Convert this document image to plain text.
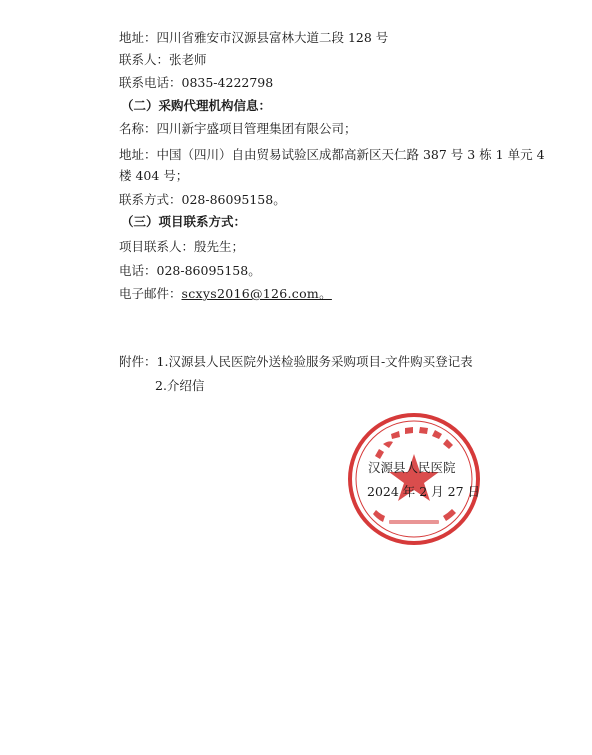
地址：四川省雅安市汉源县富林大道二段 128 号
联系人：张老师
联系电话：0835-4222798
（二）采购代理机构信息：
名称：四川新宇盛项目管理集团有限公司；
地址：中国（四川）自由贸易试验区成都高新区天仁路 387 号 3 栋 1 单元 4
楼 404 号；
联系方式：028-86095158。
（三）项目联系方式：
项目联系人：殷先生；
电话：028-86095158。
电子邮件：scxys2016@126.com。
附件：1.汉源县人民医院外送检验服务采购项目-文件购买登记表
2.介绍信
汉源县人民医院
2024 年 2 月 27 日
